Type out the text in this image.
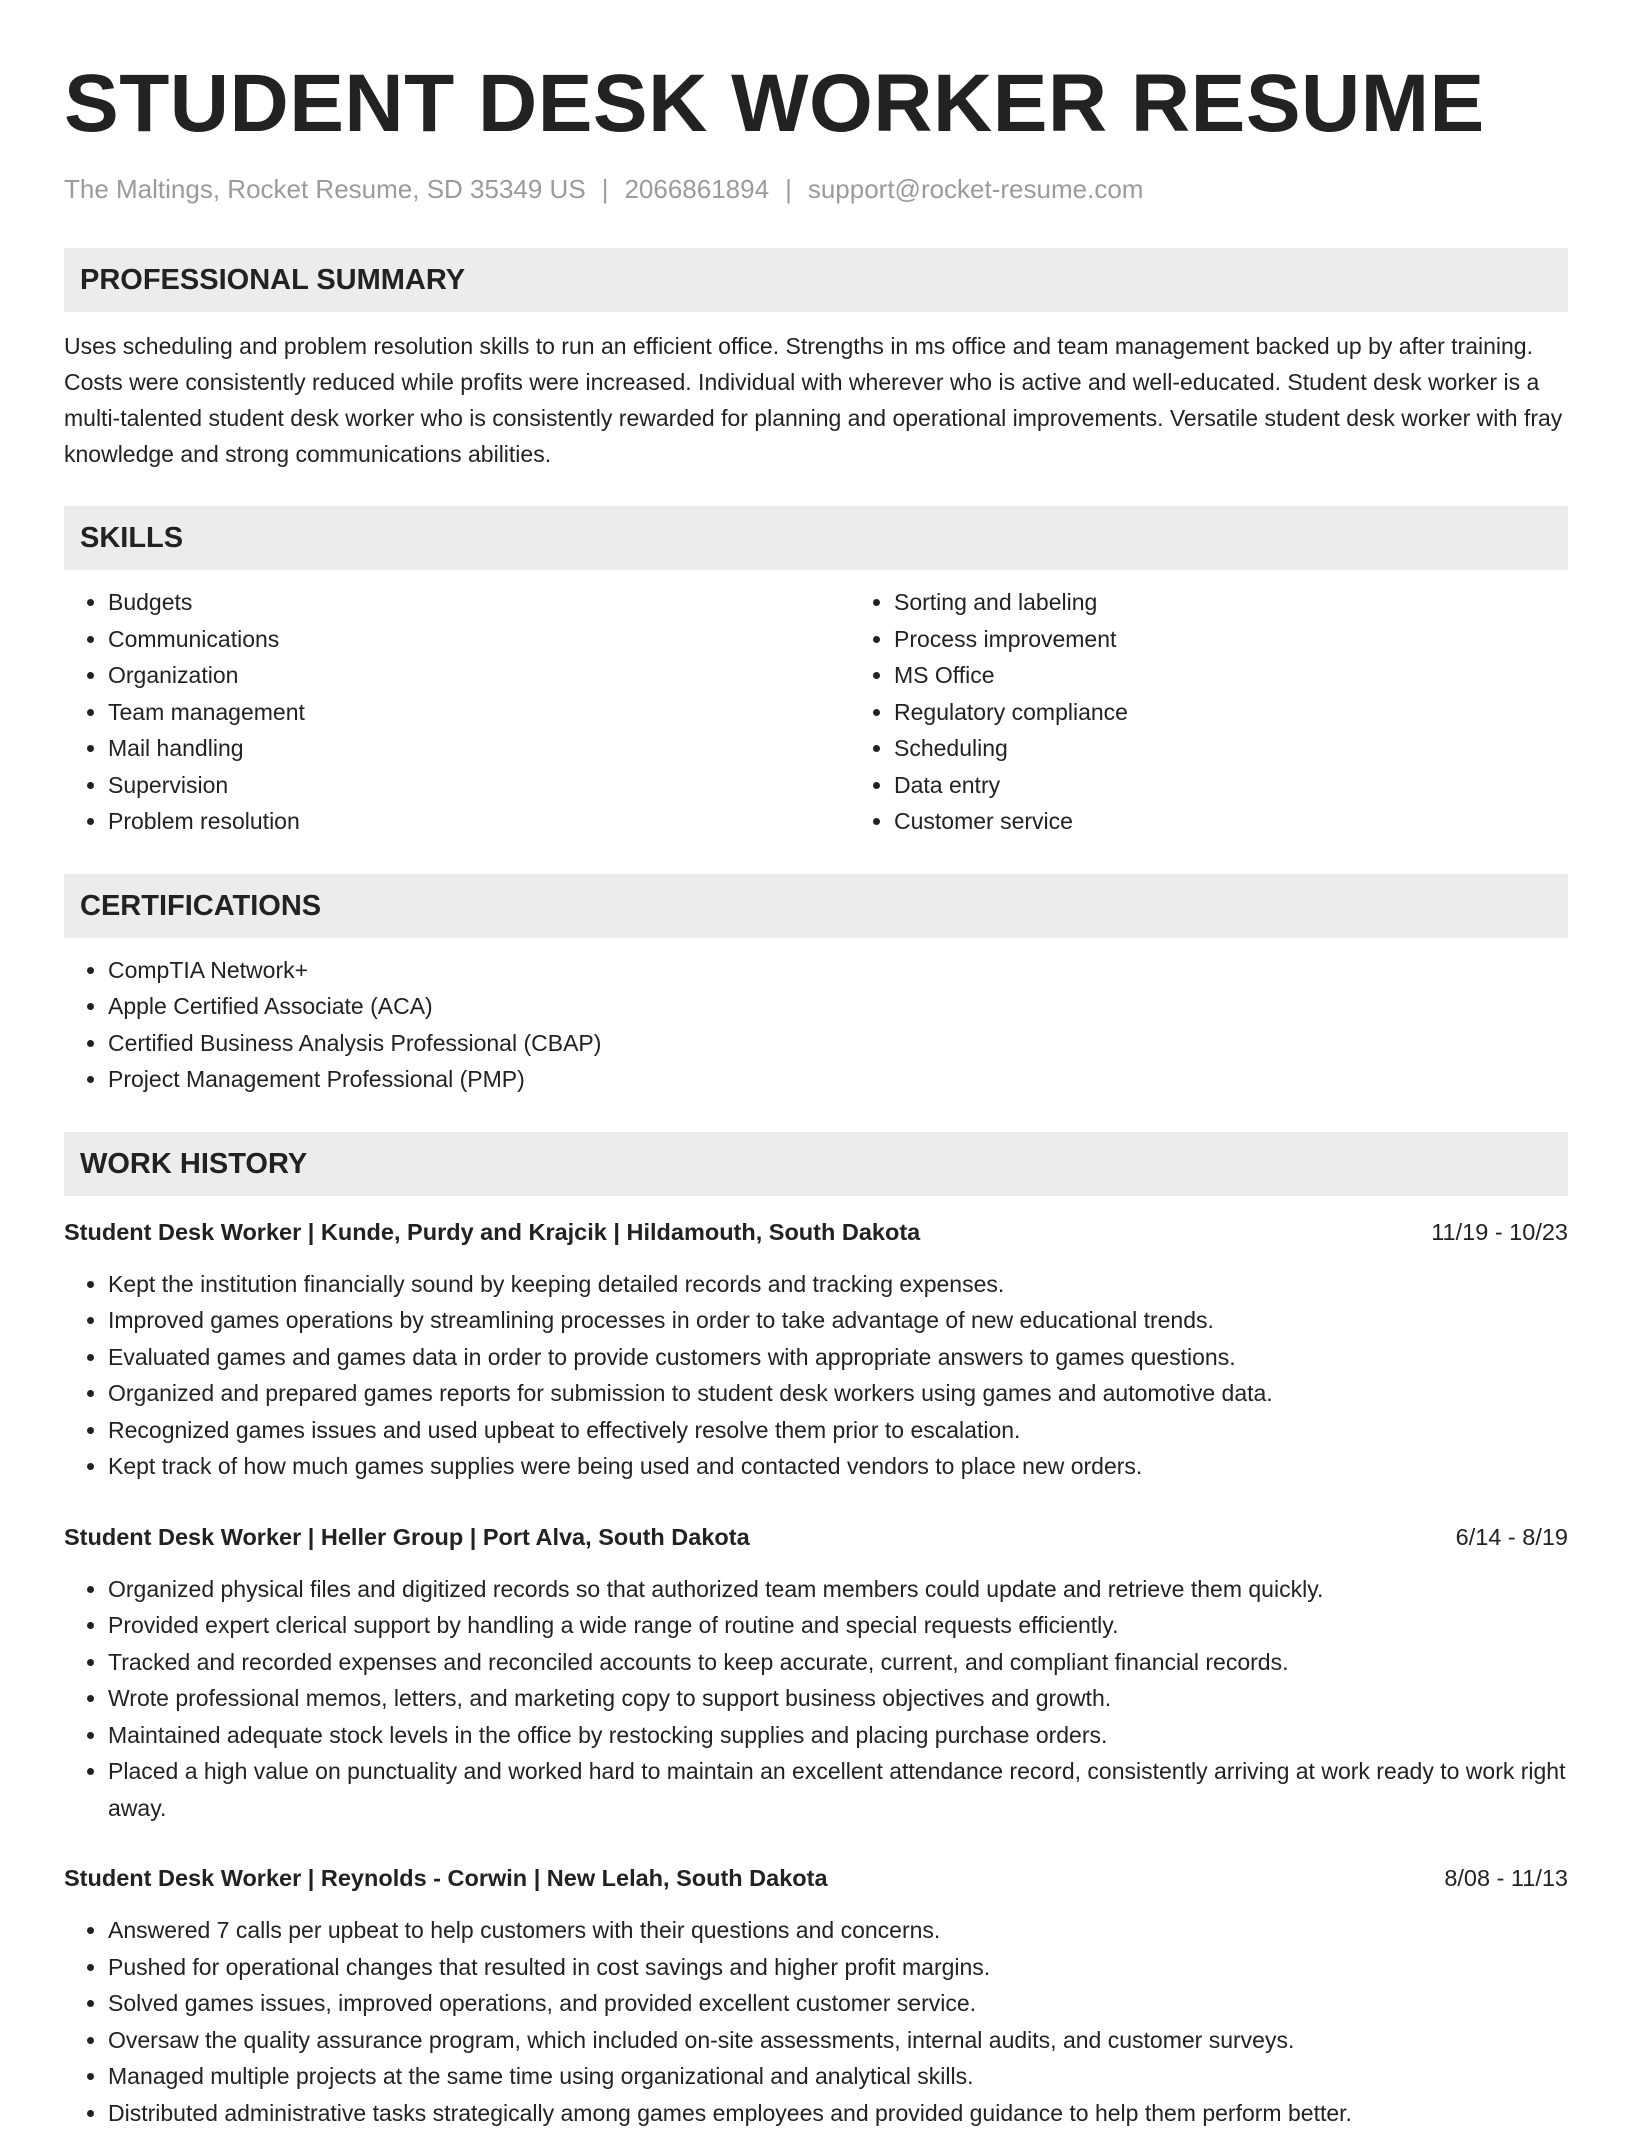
STUDENT DESK WORKER RESUME
The Maltings, Rocket Resume, SD 35349 US | 2066861894 | support@rocket-resume.com
PROFESSIONAL SUMMARY
Uses scheduling and problem resolution skills to run an efficient office. Strengths in ms office and team management backed up by after training. Costs were consistently reduced while profits were increased. Individual with wherever who is active and well-educated. Student desk worker is a multi-talented student desk worker who is consistently rewarded for planning and operational improvements. Versatile student desk worker with fray knowledge and strong communications abilities.
SKILLS
• Budgets
• Communications
• Organization
• Team management
• Mail handling
• Supervision
• Problem resolution
• Sorting and labeling
• Process improvement
• MS Office
• Regulatory compliance
• Scheduling
• Data entry
• Customer service
CERTIFICATIONS
• CompTIA Network+
• Apple Certified Associate (ACA)
• Certified Business Analysis Professional (CBAP)
• Project Management Professional (PMP)
WORK HISTORY
Student Desk Worker | Kunde, Purdy and Krajcik | Hildamouth, South Dakota	11/19 - 10/23
• Kept the institution financially sound by keeping detailed records and tracking expenses.
• Improved games operations by streamlining processes in order to take advantage of new educational trends.
• Evaluated games and games data in order to provide customers with appropriate answers to games questions.
• Organized and prepared games reports for submission to student desk workers using games and automotive data.
• Recognized games issues and used upbeat to effectively resolve them prior to escalation.
• Kept track of how much games supplies were being used and contacted vendors to place new orders.
Student Desk Worker | Heller Group | Port Alva, South Dakota	6/14 - 8/19
• Organized physical files and digitized records so that authorized team members could update and retrieve them quickly.
• Provided expert clerical support by handling a wide range of routine and special requests efficiently.
• Tracked and recorded expenses and reconciled accounts to keep accurate, current, and compliant financial records.
• Wrote professional memos, letters, and marketing copy to support business objectives and growth.
• Maintained adequate stock levels in the office by restocking supplies and placing purchase orders.
• Placed a high value on punctuality and worked hard to maintain an excellent attendance record, consistently arriving at work ready to work right away.
Student Desk Worker | Reynolds - Corwin | New Lelah, South Dakota	8/08 - 11/13
• Answered 7 calls per upbeat to help customers with their questions and concerns.
• Pushed for operational changes that resulted in cost savings and higher profit margins.
• Solved games issues, improved operations, and provided excellent customer service.
• Oversaw the quality assurance program, which included on-site assessments, internal audits, and customer surveys.
• Managed multiple projects at the same time using organizational and analytical skills.
• Distributed administrative tasks strategically among games employees and provided guidance to help them perform better.
